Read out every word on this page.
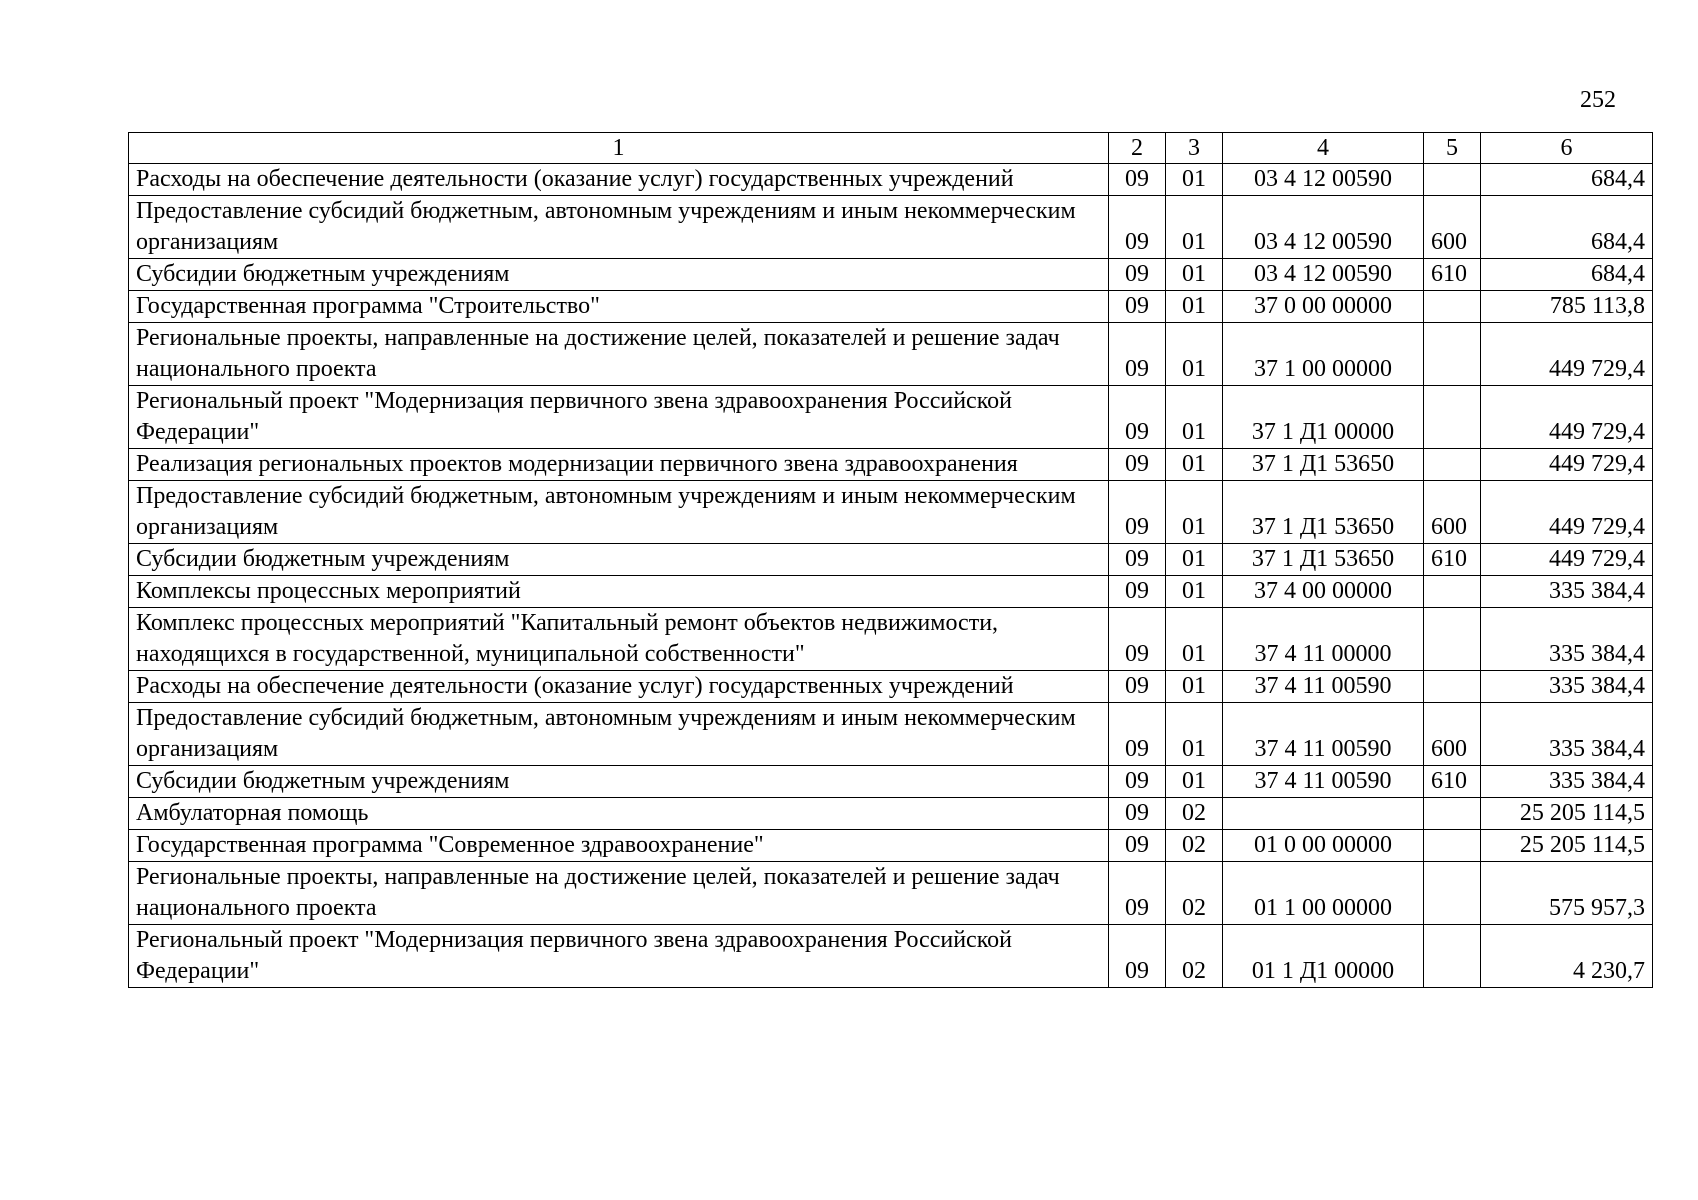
252
1	2	3	4	5	6
Расходы на обеспечение деятельности (оказание услуг) государственных учреждений	09	01	03 4 12 00590		684,4
Предоставление субсидий бюджетным, автономным учреждениям и иным некоммерческим организациям	09	01	03 4 12 00590	600	684,4
Субсидии бюджетным учреждениям	09	01	03 4 12 00590	610	684,4
Государственная программа "Строительство"	09	01	37 0 00 00000		785 113,8
Региональные проекты, направленные на достижение целей, показателей и решение задач национального проекта	09	01	37 1 00 00000		449 729,4
Региональный проект "Модернизация первичного звена здравоохранения Российской Федерации"	09	01	37 1 Д1 00000		449 729,4
Реализация региональных проектов модернизации первичного звена здравоохранения	09	01	37 1 Д1 53650		449 729,4
Предоставление субсидий бюджетным, автономным учреждениям и иным некоммерческим организациям	09	01	37 1 Д1 53650	600	449 729,4
Субсидии бюджетным учреждениям	09	01	37 1 Д1 53650	610	449 729,4
Комплексы процессных мероприятий	09	01	37 4 00 00000		335 384,4
Комплекс процессных мероприятий "Капитальный ремонт объектов недвижимости, находящихся в государственной, муниципальной собственности"	09	01	37 4 11 00000		335 384,4
Расходы на обеспечение деятельности (оказание услуг) государственных учреждений	09	01	37 4 11 00590		335 384,4
Предоставление субсидий бюджетным, автономным учреждениям и иным некоммерческим организациям	09	01	37 4 11 00590	600	335 384,4
Субсидии бюджетным учреждениям	09	01	37 4 11 00590	610	335 384,4
Амбулаторная помощь	09	02			25 205 114,5
Государственная программа "Современное здравоохранение"	09	02	01 0 00 00000		25 205 114,5
Региональные проекты, направленные на достижение целей, показателей и решение задач национального проекта	09	02	01 1 00 00000		575 957,3
Региональный проект "Модернизация первичного звена здравоохранения Российской Федерации"	09	02	01 1 Д1 00000		4 230,7
